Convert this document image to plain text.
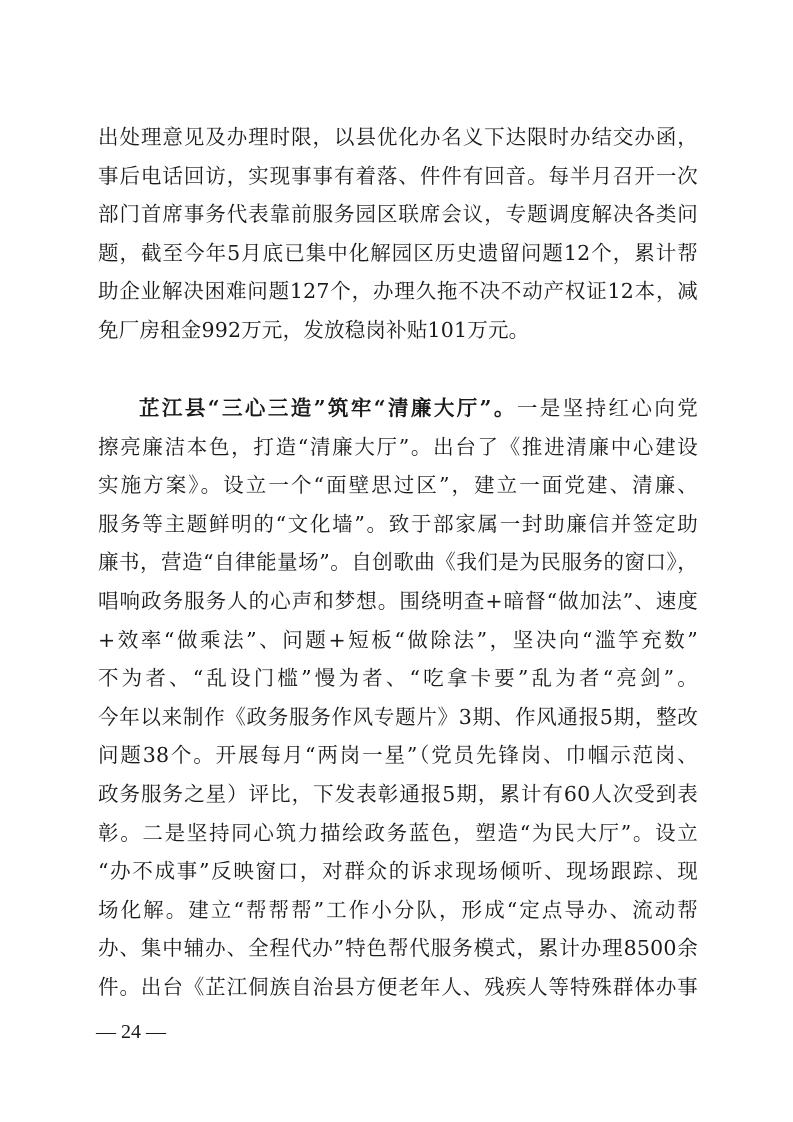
出处理意见及办理时限，以县优化办名义下达限时办结交办函，
事后电话回访，实现事事有着落、件件有回音。每半月召开一次
部门首席事务代表靠前服务园区联席会议，专题调度解决各类问
题，截至今年5月底已集中化解园区历史遗留问题12个，累计帮
助企业解决困难问题127个，办理久拖不决不动产权证12本，减
免厂房租金992万元，发放稳岗补贴101万元。
芷江县“三心三造”筑牢“清廉大厅”。一是坚持红心向党
擦亮廉洁本色，打造“清廉大厅”。出台了《推进清廉中心建设
实施方案》。设立一个“面壁思过区”，建立一面党建、清廉、
服务等主题鲜明的“文化墙”。致于部家属一封助廉信并签定助
廉书，营造“自律能量场”。自创歌曲《我们是为民服务的窗口》，
唱响政务服务人的心声和梦想。围绕明查+暗督“做加法”、速度
+效率“做乘法”、问题+短板“做除法”，坚决向“滥竽充数”
不为者、“乱设门槛”慢为者、“吃拿卡要”乱为者“亮剑”。
今年以来制作《政务服务作风专题片》3期、作风通报5期，整改
问题38个。开展每月“两岗一星”（党员先锋岗、巾帼示范岗、
政务服务之星）评比，下发表彰通报5期，累计有60人次受到表
彰。二是坚持同心筑力描绘政务蓝色，塑造“为民大厅”。设立
“办不成事”反映窗口，对群众的诉求现场倾听、现场跟踪、现
场化解。建立“帮帮帮”工作小分队，形成“定点导办、流动帮
办、集中辅办、全程代办”特色帮代服务模式，累计办理8500余
件。出台《芷江侗族自治县方便老年人、残疾人等特殊群体办事
— 24 —
